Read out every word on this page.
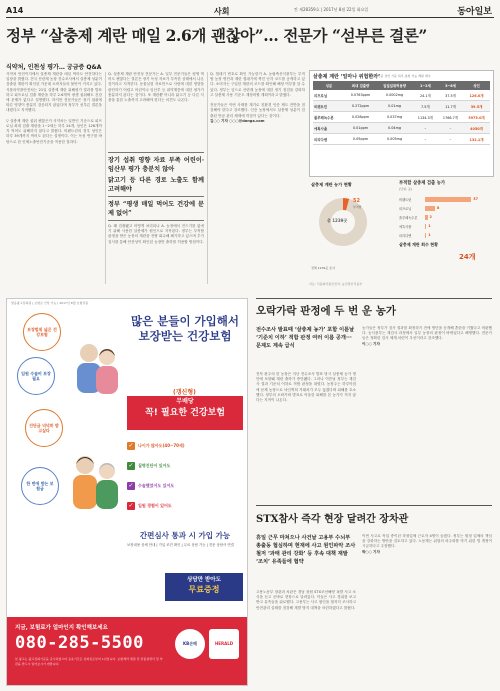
A14	사회	칸 제28359호 | 2017년 8월 22일 화요일	동아일보
정부 “살충제 계란 매일 2.6개 괜찮아”… 전문가 “섣부른 결론”
식약처, 인천성 평가… 궁금증 Q&A
식약처 안전이지에서 살충제 계란을 매일 먹어도 안전하다는 입장을 밝혔다. 전국 산란계 농장 전수조사에서 살충제 성분이 검출된 계란이 확인된 가운데 소비자들의 불안이 커지고 있다. 식품의약품안전처는 21일 살충제 계란 위해평가 결과를 발표하고 피프로닐 검출 계란을 하루 2.6개씩 평생 섭취해도 건강에 문제가 없다고 설명했다. 하지만 전문가들은 장기 섭취에 따른 영향이 충분히 검증되지 않았다며 정부가 섣부른 결론을 내렸다고 지적했다.

▽ 살충제 계란 섭취 괜찮은가 식약처는 일반인 기준으로 피프로닐 최대 검출 계란을 1~2세는 하루 24개, 성인은 126개까지 먹어도 위해하지 않다고 밝혔다. 비펜트린의 경우 성인은 하루 39개까지 먹어도 된다는 설명이다. 이는 독성 연구를 바탕으로 한 인체노출안전기준을 적용한 결과다.
Q. 살충제 계란 안전성 전문가는 A. 일부 전문가들은 평생 먹어도 괜찮다는 결론은 장기 독성 자료가 부족한 상태에서 나온 것이라고 지적한다. 동물실험 자료만으로 사람에 대한 영향을 판단하기 어렵고 어린이나 임산부 등 취약계층에 대한 평가가 충분하지 않다는 것이다. 또 계란뿐 아니라 닭고기 등 다른 식품을 통한 노출까지 고려해야 한다는 의견도 나온다.

장기 섭취 영향 자료 부족 어린이·임산부 평가 충분치 않아
닭고기 등 다른 경로 노출도 함께 고려해야
정부 “평생 매일 먹어도 건강에 문제 없어”
Q. 왜 검출됐고 어떻게 처리되나 A. 농장에서 진드기를 없애기 위해 사용한 살충제가 원인으로 지목된다. 정부는 부적합 판정을 받은 농장의 계란을 전량 회수해 폐기하고 있으며 추가 검사를 통해 안전성이 확인된 농장만 출하를 허용할 방침이다.
Q. 껍데기 번호로 확인 가능한가 A. 농림축산식품부는 부적합 농장 명단과 계란 껍데기에 찍힌 난각 코드를 공개하고 있다. 소비자는 구입한 계란의 코드를 확인해 해당 여부를 알 수 있다. 정부는 앞으로 산란계 농장에 대한 정기 점검을 강화하고 살충제 사용 기준도 재정비할 계획이라고 밝혔다.

전문가들은 이번 사태를 계기로 친환경 인증 제도 전반을 점검해야 한다고 강조했다. 인증 농장에서도 살충제 성분이 검출된 만큼 관리 체계에 허점이 있다는 것이다.
김○○ 기자 ○○○@donga.com
살충제 계란 ‘얼마나 위험한가’
검출량 기준 성인 기준 하루 섭취 가능 계란 개수
성분	최대 검출량	일일섭취허용량	1~2세	3~6세	성인
피프로닐	0.0763ppm	0.0002mg	24.1개	37.5개	126.0개
비펜트린	0.272ppm	0.01mg	7.5개	11.7개	39.5개
플루페녹수론	0.028ppm	0.037mg	1134.3개	1766.7개	5975.0개
에톡사졸	0.01ppm	0.04mg	–	–	4050개
피리다벤	0.09ppm	0.005mg	–	–	132.1개
살충제 계란 농가 현황
52
부적합
총 1239곳
전체 1239곳 조사
부적합 살충제 검출 농가
(단위: 곳)
살충제 계란 회수 현황
24개
비펜트린	37
피프로닐	8
플루페녹수론	2
에톡사졸	1
피리다벤	1
자료: 식품의약품안전처, 농림축산식품부
방송광고심의필 | 보험료 인상 가능 | 2017년 8월 보험상품
많은 분들이 가입해서 보장받는 건강보험
(갱신형)
무배당
꼭! 필요한 건강보험
보장범위 넓은 건강보험
입원 수술비 보장 필요
진단금 넉넉히 받고싶다
한 번에 받는 보험금
✓	나이가 많아도(40~70세)
✓	질병진단이 있어도
✓	수술했었어도 있어도
✓	입원 경험이 있어도
간편심사 통과 시 가입 가능
보장내용 상세 안내 | 가입 조건 확인 | 무료 상담 가능 | 전문 상담사 연결
상담만 받아도
무료증정
지금, 보험료가 얼마인지 확인해보세요
080-285-5500
본 광고는 광고심의기준을 준수하였으며 유효기간은 심의일로부터 1년입니다. 보험계약 체결 전 상품설명서 및 약관을 반드시 읽어보시기 바랍니다.
KB손해	HERALD
오락가락 판정에 두 번 운 농가
전수조사 발표때 ‘살충제 농가’ 포함 이튿날 ‘기준치 이하’ 적합 판정 여러 이름 공개··· 문제도 계속 급식
전북 완주의 한 농장은 지난 전수조사 발표 당시 살충제 농가 명단에 포함돼 계란 출하가 중단됐다. 그러나 이튿날 정부는 재검사 결과 기준치 이하로 적합 판정을 내렸다. 농장주는 하루아침에 문제 농장으로 낙인찍혀 거래처가 모두 끊겼다며 피해를 호소했다. 정부의 오락가락 발표로 억울한 피해를 본 농가가 적지 않다는 지적이 나온다.
농가들은 정부가 검사 결과를 확정하기 전에 명단을 공개해 혼란을 키웠다고 비판했다. 농식품부는 재검사 과정에서 일부 농장의 판정이 바뀌었다고 해명했다. 전문가들은 정확한 검사 체계 마련이 우선이라고 강조했다.
이○○ 기자
STX참사 즉각 현장 달려간 장차관
휴일 근무 마쳐으나 사건날 고용부 수뇌부 총출동 협심하며 현재에 사고 원인파악 조사 철저 ‘과태 관리 강화’ 등 후속 대책 재발 ‘조치’ 유족들에 협약
고용노동부 장관과 차관은 경남 창원 STX조선해양 폭발 사고 소식을 듣고 곧바로 현장으로 달려갔다. 이들은 사고 경위를 보고받고 유족들을 위로했다. 고용부는 사고 원인을 철저히 조사하고 안전관리 실태를 점검해 재발 방지 대책을 마련하겠다고 밝혔다.
이번 사고로 작업 중이던 하청업체 근로자 4명이 숨졌다. 정부는 원청 업체의 책임을 강화하는 방안을 검토하고 있다. 노동계는 위험의 외주화를 막기 위한 법 개정이 시급하다고 주장했다.
박○○ 기자
